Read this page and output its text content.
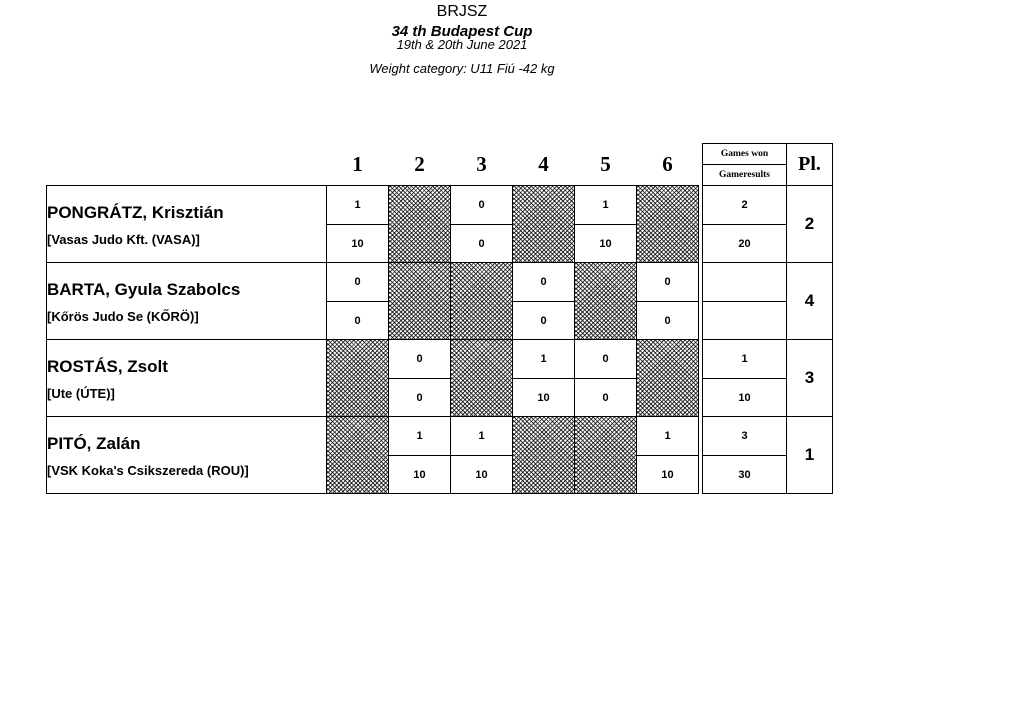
BRJSZ
34 th Budapest Cup
19th & 20th June 2021
Weight category: U11 Fiú -42 kg
	1	2	3	4	5	6		Games won	Pl.
								Gameresults	

PONGRÁTZ, Krisztián
[Vasas Judo Kft. (VASA)]	1		0		1			2	2
	10		0		10			20	

BARTA, Gyula Szabolcs
[Kőrös Judo Se (KŐRÖ)]	0			0		0			4
	0			0		0			

ROSTÁS, Zsolt
[Ute (ÚTE)]		0		1	0			1	3
		0		10	0			10	

PITÓ, Zalán
[VSK Koka's Csikszereda (ROU)]		1	1			1		3	1
		10	10			10		30	
